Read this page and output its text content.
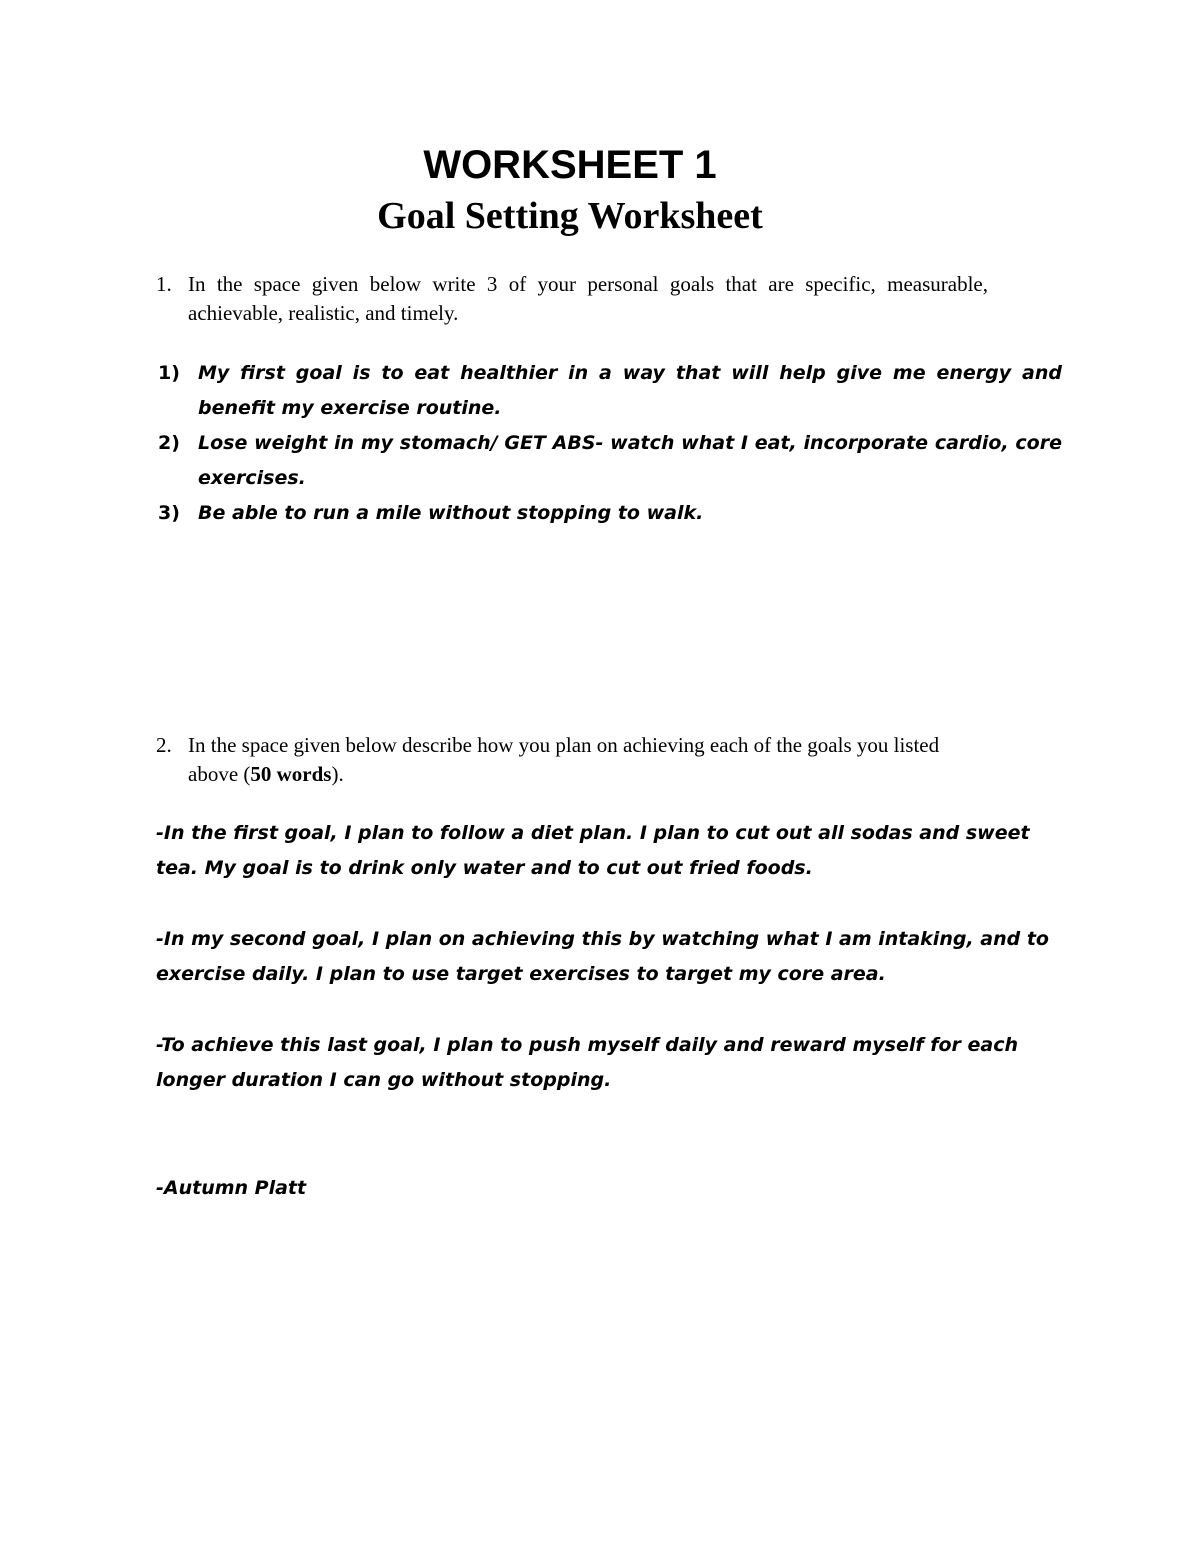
WORKSHEET 1
Goal Setting Worksheet
1. In the space given below write 3 of your personal goals that are specific, measurable, achievable, realistic, and timely.
1) My first goal is to eat healthier in a way that will help give me energy and benefit my exercise routine.
2) Lose weight in my stomach/ GET ABS- watch what I eat, incorporate cardio, core exercises.
3) Be able to run a mile without stopping to walk.
2. In the space given below describe how you plan on achieving each of the goals you listed above (50 words).

-In the first goal, I plan to follow a diet plan. I plan to cut out all sodas and sweet tea. My goal is to drink only water and to cut out fried foods.

-In my second goal, I plan on achieving this by watching what I am intaking, and to exercise daily. I plan to use target exercises to target my core area.

-To achieve this last goal, I plan to push myself daily and reward myself for each longer duration I can go without stopping.

-Autumn Platt
